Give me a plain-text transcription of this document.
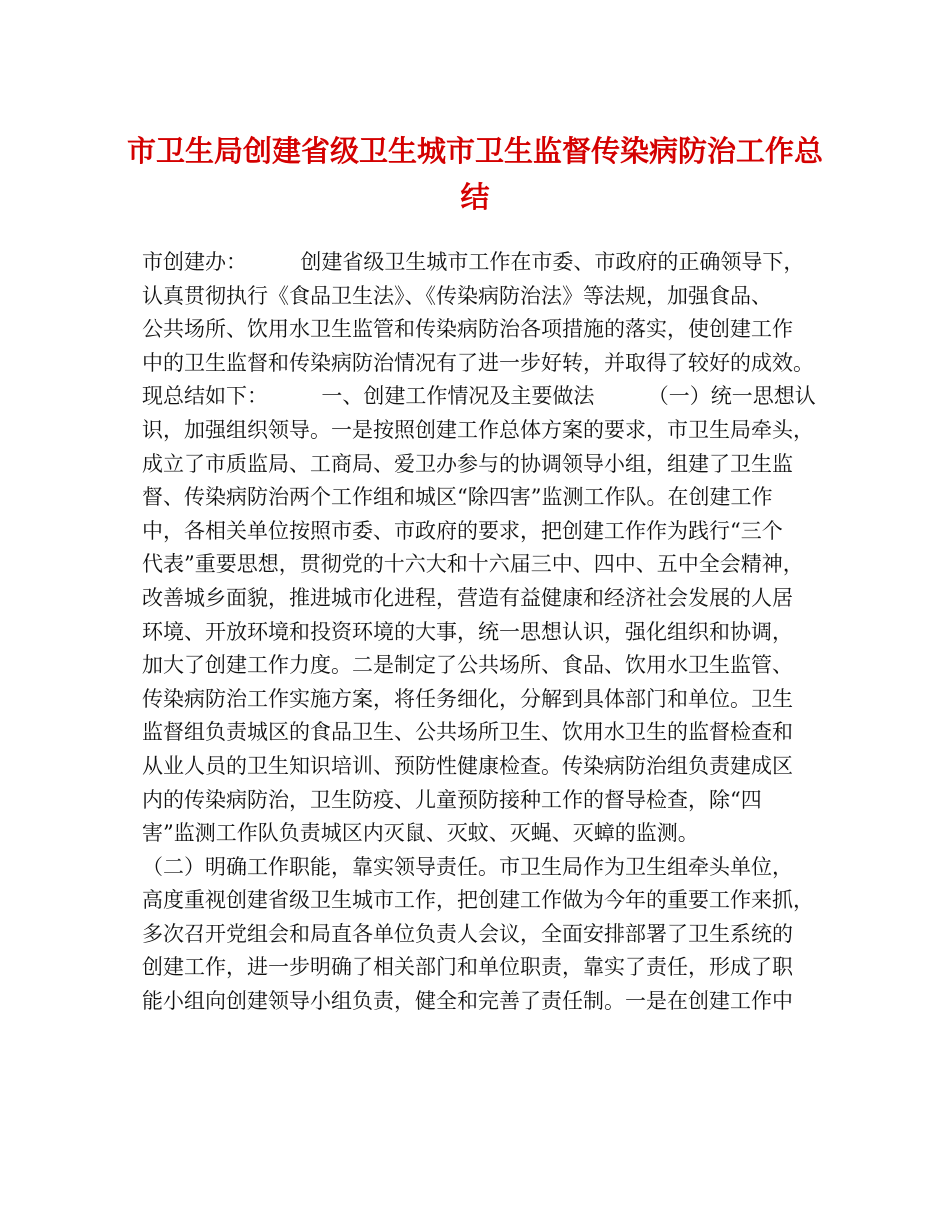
市卫生局创建省级卫生城市卫生监督传染病防治工作总
结
市创建办：        创建省级卫生城市工作在市委、市政府的正确领导下，
认真贯彻执行《食品卫生法》、《传染病防治法》等法规，加强食品、
公共场所、饮用水卫生监管和传染病防治各项措施的落实，使创建工作
中的卫生监督和传染病防治情况有了进一步好转，并取得了较好的成效。
现总结如下：        一、创建工作情况及主要做法        （一）统一思想认
识，加强组织领导。一是按照创建工作总体方案的要求，市卫生局牵头，
成立了市质监局、工商局、爱卫办参与的协调领导小组，组建了卫生监
督、传染病防治两个工作组和城区“除四害”监测工作队。在创建工作
中，各相关单位按照市委、市政府的要求，把创建工作作为践行“三个
代表”重要思想，贯彻党的十六大和十六届三中、四中、五中全会精神，
改善城乡面貌，推进城市化进程，营造有益健康和经济社会发展的人居
环境、开放环境和投资环境的大事，统一思想认识，强化组织和协调，
加大了创建工作力度。二是制定了公共场所、食品、饮用水卫生监管、
传染病防治工作实施方案，将任务细化，分解到具体部门和单位。卫生
监督组负责城区的食品卫生、公共场所卫生、饮用水卫生的监督检查和
从业人员的卫生知识培训、预防性健康检查。传染病防治组负责建成区
内的传染病防治，卫生防疫、儿童预防接种工作的督导检查，除“四
害”监测工作队负责城区内灭鼠、灭蚊、灭蝇、灭蟑的监测。
（二）明确工作职能，靠实领导责任。市卫生局作为卫生组牵头单位，
高度重视创建省级卫生城市工作，把创建工作做为今年的重要工作来抓，
多次召开党组会和局直各单位负责人会议，全面安排部署了卫生系统的
创建工作，进一步明确了相关部门和单位职责，靠实了责任，形成了职
能小组向创建领导小组负责，健全和完善了责任制。一是在创建工作中
